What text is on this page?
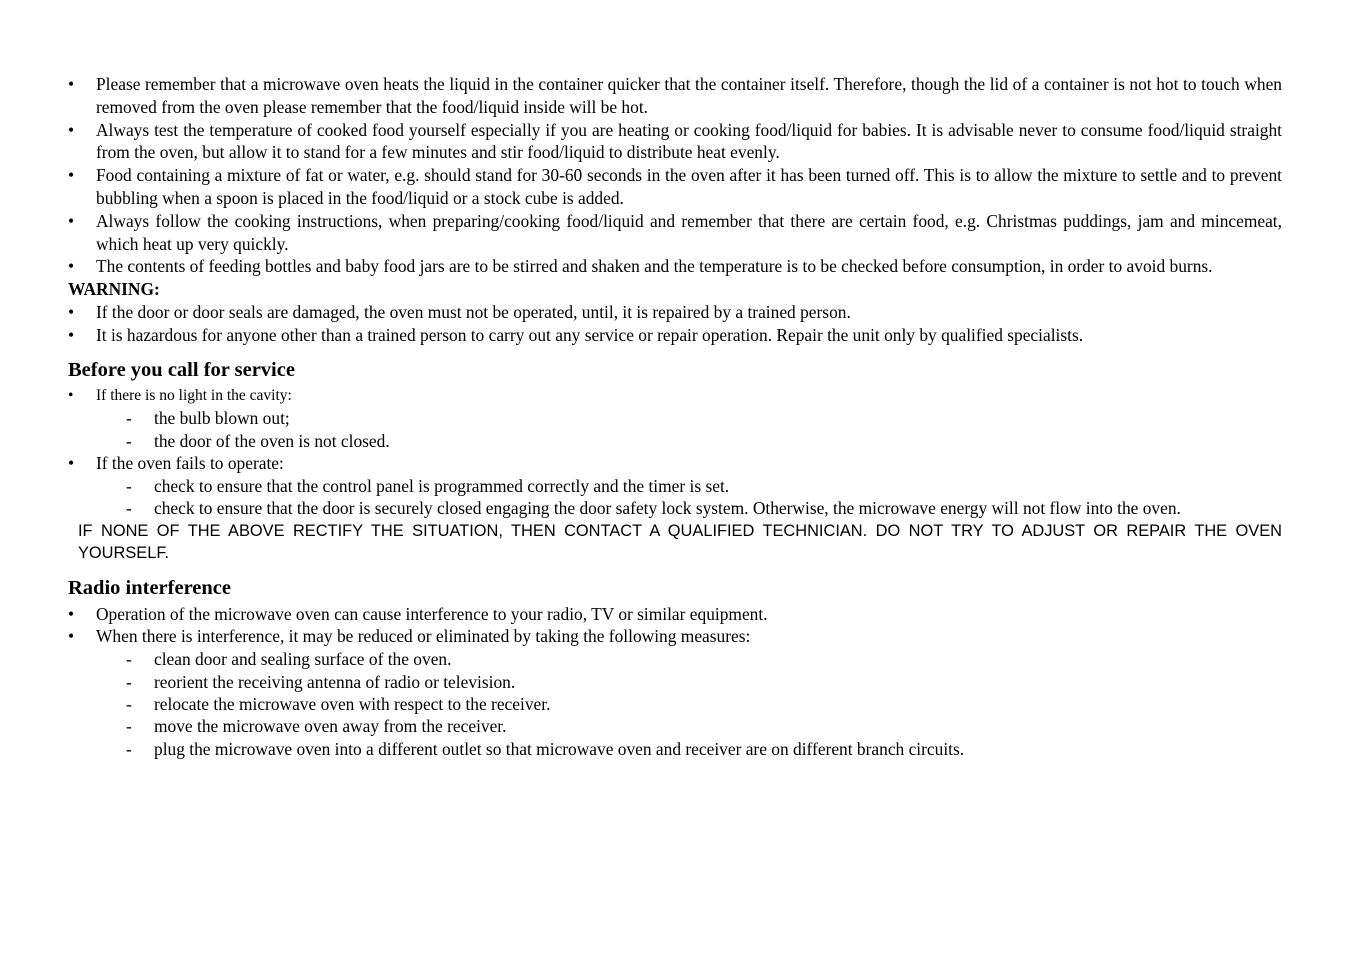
•
Please remember that a microwave oven heats the liquid in the container quicker that the container itself. Therefore, though the lid of a container is not hot to touch when removed from the oven please remember that the food/liquid inside will be hot.
•
Always test the temperature of cooked food yourself especially if you are heating or cooking food/liquid for babies. It is advisable never to consume food/liquid straight from the oven, but allow it to stand for a few minutes and stir food/liquid to distribute heat evenly.
•
Food containing a mixture of fat or water, e.g. should stand for 30-60 seconds in the oven after it has been turned off. This is to allow the mixture to settle and to prevent bubbling when a spoon is placed in the food/liquid or a stock cube is added.
•
Always follow the cooking instructions, when preparing/cooking food/liquid and remember that there are certain food, e.g. Christmas puddings, jam and mincemeat, which heat up very quickly.
•
The contents of feeding bottles and baby food jars are to be stirred and shaken and the temperature is to be checked before consumption, in order to avoid burns.
WARNING:
•
If the door or door seals are damaged, the oven must not be operated, until, it is repaired by a trained person.
•
It is hazardous for anyone other than a trained person to carry out any service or repair operation. Repair the unit only by qualified specialists.
Before you call for service
•
If there is no light in the cavity:
-
the bulb blown out;
-
the door of the oven is not closed.
•
If the oven fails to operate:
-
check to ensure that the control panel is programmed correctly and the timer is set.
-
check to ensure that the door is securely closed engaging the door safety lock system. Otherwise, the microwave energy will not flow into the oven.
IF NONE OF THE ABOVE RECTIFY THE SITUATION, THEN CONTACT A QUALIFIED TECHNICIAN. DO NOT TRY TO ADJUST OR REPAIR THE OVEN YOURSELF.
Radio interference
•
Operation of the microwave oven can cause interference to your radio, TV or similar equipment.
•
When there is interference, it may be reduced or eliminated by taking the following measures:
-
clean door and sealing surface of the oven.
-
reorient the receiving antenna of radio or television.
-
relocate the microwave oven with respect to the receiver.
-
move the microwave oven away from the receiver.
-
plug the microwave oven into a different outlet so that microwave oven and receiver are on different branch circuits.
